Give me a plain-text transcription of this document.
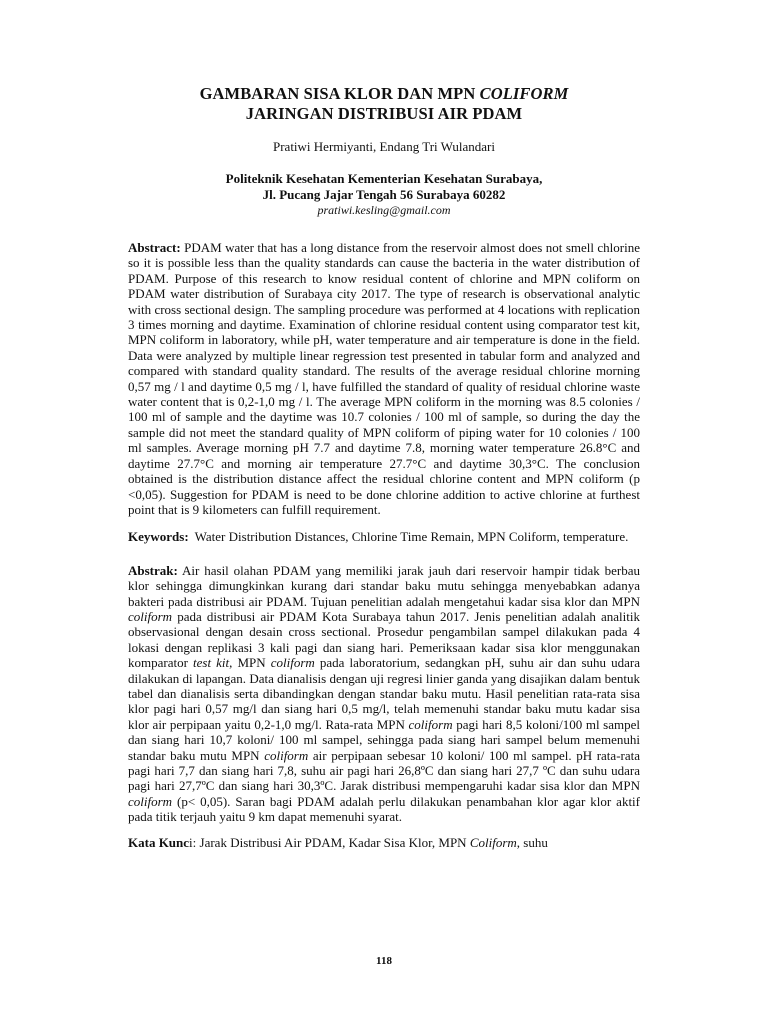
GAMBARAN SISA KLOR DAN MPN COLIFORM
JARINGAN DISTRIBUSI AIR PDAM
Pratiwi Hermiyanti, Endang Tri Wulandari
Politeknik Kesehatan Kementerian Kesehatan Surabaya,
Jl. Pucang Jajar Tengah 56 Surabaya 60282
pratiwi.kesling@gmail.com

Abstract: PDAM water that has a long distance from the reservoir almost does not smell chlorine so it is possible less than the quality standards can cause the bacteria in the water distribution of PDAM. Purpose of this research to know residual content of chlorine and MPN coliform on PDAM water distribution of Surabaya city 2017. The type of research is observational analytic with cross sectional design. The sampling procedure was performed at 4 locations with replication 3 times morning and daytime. Examination of chlorine residual content using comparator test kit, MPN coliform in laboratory, while pH, water temperature and air temperature is done in the field. Data were analyzed by multiple linear regression test presented in tabular form and analyzed and compared with standard quality standard. The results of the average residual chlorine morning 0,57 mg / l and daytime 0,5 mg / l, have fulfilled the standard of quality of residual chlorine waste water content that is 0,2-1,0 mg / l. The average MPN coliform in the morning was 8.5 colonies / 100 ml of sample and the daytime was 10.7 colonies / 100 ml of sample, so during the day the sample did not meet the standard quality of MPN coliform of piping water for 10 colonies / 100 ml samples. Average morning pH 7.7 and daytime 7.8, morning water temperature 26.8°C and daytime 27.7°C and morning air temperature 27.7°C and daytime 30,3°C. The conclusion obtained is the distribution distance affect the residual chlorine content and MPN coliform (p <0,05). Suggestion for PDAM is need to be done chlorine addition to active chlorine at furthest point that is 9 kilometers can fulfill requirement.

Keywords: Water Distribution Distances, Chlorine Time Remain, MPN Coliform, temperature.

Abstrak: Air hasil olahan PDAM yang memiliki jarak jauh dari reservoir hampir tidak berbau klor sehingga dimungkinkan kurang dari standar baku mutu sehingga menyebabkan adanya bakteri pada distribusi air PDAM. Tujuan penelitian adalah mengetahui kadar sisa klor dan MPN coliform pada distribusi air PDAM Kota Surabaya tahun 2017. Jenis penelitian adalah analitik observasional dengan desain cross sectional. Prosedur pengambilan sampel dilakukan pada 4 lokasi dengan replikasi 3 kali pagi dan siang hari. Pemeriksaan kadar sisa klor menggunakan komparator test kit, MPN coliform pada laboratorium, sedangkan pH, suhu air dan suhu udara dilakukan di lapangan. Data dianalisis dengan uji regresi linier ganda yang disajikan dalam bentuk tabel dan dianalisis serta dibandingkan dengan standar baku mutu. Hasil penelitian rata-rata sisa klor pagi hari 0,57 mg/l dan siang hari 0,5 mg/l, telah memenuhi standar baku mutu kadar sisa klor air perpipaan yaitu 0,2-1,0 mg/l. Rata-rata MPN coliform pagi hari 8,5 koloni/100 ml sampel dan siang hari 10,7 koloni/ 100 ml sampel, sehingga pada siang hari sampel belum memenuhi standar baku mutu MPN coliform air perpipaan sebesar 10 koloni/ 100 ml sampel. pH rata-rata pagi hari 7,7 dan siang hari 7,8, suhu air pagi hari 26,8ºC dan siang hari 27,7 ºC dan suhu udara pagi hari 27,7ºC dan siang hari 30,3ºC. Jarak distribusi mempengaruhi kadar sisa klor dan MPN coliform (p< 0,05). Saran bagi PDAM adalah perlu dilakukan penambahan klor agar klor aktif pada titik terjauh yaitu 9 km dapat memenuhi syarat.

Kata Kunci: Jarak Distribusi Air PDAM, Kadar Sisa Klor, MPN Coliform, suhu
118
